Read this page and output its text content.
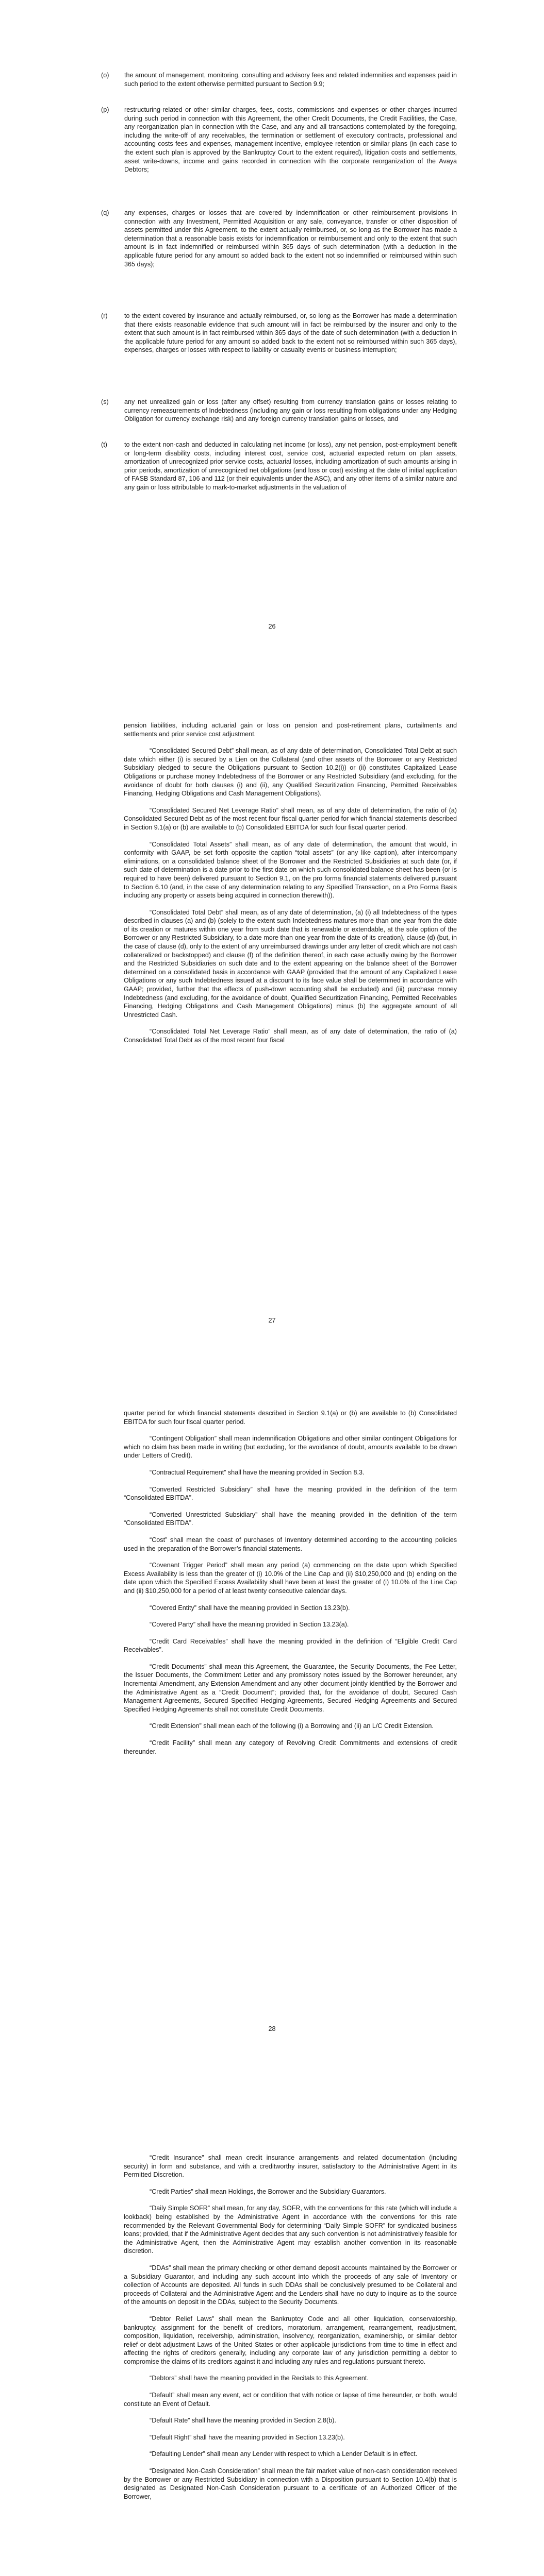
(o) the amount of management, monitoring, consulting and advisory fees and related indemnities and expenses paid in such period to the extent otherwise permitted pursuant to Section 9.9;
(p) restructuring-related or other similar charges, fees, costs, commissions and expenses or other charges incurred during such period in connection with this Agreement, the other Credit Documents, the Credit Facilities, the Case, any reorganization plan in connection with the Case, and any and all transactions contemplated by the foregoing, including the write-off of any receivables, the termination or settlement of executory contracts, professional and accounting costs fees and expenses, management incentive, employee retention or similar plans (in each case to the extent such plan is approved by the Bankruptcy Court to the extent required), litigation costs and settlements, asset write-downs, income and gains recorded in connection with the corporate reorganization of the Avaya Debtors;
(q) any expenses, charges or losses that are covered by indemnification or other reimbursement provisions in connection with any Investment, Permitted Acquisition or any sale, conveyance, transfer or other disposition of assets permitted under this Agreement, to the extent actually reimbursed, or, so long as the Borrower has made a determination that a reasonable basis exists for indemnification or reimbursement and only to the extent that such amount is in fact indemnified or reimbursed within 365 days of such determination (with a deduction in the applicable future period for any amount so added back to the extent not so indemnified or reimbursed within such 365 days);
(r)	to the extent covered by insurance and actually reimbursed, or, so long as the Borrower has made a determination that there exists reasonable evidence that such amount will in fact be reimbursed by the insurer and only to the extent that such amount is in fact reimbursed within 365 days of the date of such determination (with a deduction in the applicable future period for any amount so added back to the extent not so reimbursed within such 365 days), expenses, charges or losses with respect to liability or casualty events or business interruption;
(s) any net unrealized gain or loss (after any offset) resulting from currency translation gains or losses relating to currency remeasurements of Indebtedness (including any gain or loss resulting from obligations under any Hedging Obligation for currency exchange risk) and any foreign currency translation gains or losses, and
(t)	to the extent non-cash and deducted in calculating net income (or loss), any net pension, post-employment benefit or long-term disability costs, including interest cost, service cost, actuarial expected return on plan assets, amortization of unrecognized prior service costs, actuarial losses, including amortization of such amounts arising in prior periods, amortization of unrecognized net obligations (and loss or cost) existing at the date of initial application of FASB Standard 87, 106 and 112 (or their equivalents under the ASC), and any other items of a similar nature and any gain or loss attributable to mark-to-market adjustments in the valuation of
26

pension liabilities, including actuarial gain or loss on pension and post-retirement plans, curtailments and settlements and prior service cost adjustment.

“Consolidated Secured Debt” shall mean, as of any date of determination, Consolidated Total Debt at such date which either (i) is secured by a Lien on the Collateral (and other assets of the Borrower or any Restricted Subsidiary pledged to secure the Obligations pursuant to Section 10.2(i)) or (ii) constitutes Capitalized Lease Obligations or purchase money Indebtedness of the Borrower or any Restricted Subsidiary (and excluding, for the avoidance of doubt for both clauses (i) and (ii), any Qualified Securitization Financing, Permitted Receivables Financing, Hedging Obligations and Cash Management Obligations).

“Consolidated Secured Net Leverage Ratio” shall mean, as of any date of determination, the ratio of (a) Consolidated Secured Debt as of the most recent four fiscal quarter period for which financial statements described in Section 9.1(a) or (b) are available to (b) Consolidated EBITDA for such four fiscal quarter period.

“Consolidated Total Assets” shall mean, as of any date of determination, the amount that would, in conformity with GAAP, be set forth opposite the caption “total assets” (or any like caption), after intercompany eliminations, on a consolidated balance sheet of the Borrower and the Restricted Subsidiaries at such date (or, if such date of determination is a date prior to the first date on which such consolidated balance sheet has been (or is required to have been) delivered pursuant to Section 9.1, on the pro forma financial statements delivered pursuant to Section 6.10 (and, in the case of any determination relating to any Specified Transaction, on a Pro Forma Basis including any property or assets being acquired in connection therewith)).

“Consolidated Total Debt” shall mean, as of any date of determination, (a) (i) all Indebtedness of the types described in clauses (a) and (b) (solely to the extent such Indebtedness matures more than one year from the date of its creation or matures within one year from such date that is renewable or extendable, at the sole option of the Borrower or any Restricted Subsidiary, to a date more than one year from the date of its creation), clause (d) (but, in the case of clause (d), only to the extent of any unreimbursed drawings under any letter of credit which are not cash collateralized or backstopped) and clause (f) of the definition thereof, in each case actually owing by the Borrower and the Restricted Subsidiaries on such date and to the extent appearing on the balance sheet of the Borrower determined on a consolidated basis in accordance with GAAP (provided that the amount of any Capitalized Lease Obligations or any such Indebtedness issued at a discount to its face value shall be determined in accordance with GAAP; provided, further that the effects of push-down accounting shall be excluded) and (iii) purchase money Indebtedness (and excluding, for the avoidance of doubt, Qualified Securitization Financing, Permitted Receivables Financing, Hedging Obligations and Cash Management Obligations) minus (b) the aggregate amount of all Unrestricted Cash.

“Consolidated Total Net Leverage Ratio” shall mean, as of any date of determination, the ratio of (a) Consolidated Total Debt as of the most recent four fiscal

27

quarter period for which financial statements described in Section 9.1(a) or (b) are available to (b) Consolidated EBITDA for such four fiscal quarter period.

“Contingent Obligation” shall mean indemnification Obligations and other similar contingent Obligations for which no claim has been made in writing (but excluding, for the avoidance of doubt, amounts available to be drawn under Letters of Credit).

“Contractual Requirement” shall have the meaning provided in Section 8.3.

“Converted Restricted Subsidiary” shall have the meaning provided in the definition of the term “Consolidated EBITDA”.

“Converted Unrestricted Subsidiary” shall have the meaning provided in the definition of the term “Consolidated EBITDA”.

“Cost” shall mean the coast of purchases of Inventory determined according to the accounting policies used in the preparation of the Borrower’s financial statements.

“Covenant Trigger Period” shall mean any period (a) commencing on the date upon which Specified Excess Availability is less than the greater of (i) 10.0% of the Line Cap and (ii) $10,250,000 and (b) ending on the date upon which the Specified Excess Availability shall have been at least the greater of (i) 10.0% of the Line Cap and (ii) $10,250,000 for a period of at least twenty consecutive calendar days.

“Covered Entity” shall have the meaning provided in Section 13.23(b).

“Covered Party” shall have the meaning provided in Section 13.23(a).

“Credit Card Receivables” shall have the meaning provided in the definition of “Eligible Credit Card Receivables”.

“Credit Documents” shall mean this Agreement, the Guarantee, the Security Documents, the Fee Letter, the Issuer Documents, the Commitment Letter and any promissory notes issued by the Borrower hereunder, any Incremental Amendment, any Extension Amendment and any other document jointly identified by the Borrower and the Administrative Agent as a “Credit Document”; provided that, for the avoidance of doubt, Secured Cash Management Agreements, Secured Specified Hedging Agreements, Secured Hedging Agreements and Secured Specified Hedging Agreements shall not constitute Credit Documents.

“Credit Extension” shall mean each of the following (i) a Borrowing and (ii) an L/C Credit Extension.

“Credit Facility” shall mean any category of Revolving Credit Commitments and extensions of credit thereunder.

28

“Credit Insurance” shall mean credit insurance arrangements and related documentation (including security) in form and substance, and with a creditworthy insurer, satisfactory to the Administrative Agent in its Permitted Discretion.

“Credit Parties” shall mean Holdings, the Borrower and the Subsidiary Guarantors.

“Daily Simple SOFR” shall mean, for any day, SOFR, with the conventions for this rate (which will include a lookback) being established by the Administrative Agent in accordance with the conventions for this rate recommended by the Relevant Governmental Body for determining “Daily Simple SOFR” for syndicated business loans; provided, that if the Administrative Agent decides that any such convention is not administratively feasible for the Administrative Agent, then the Administrative Agent may establish another convention in its reasonable discretion.

“DDAs” shall mean the primary checking or other demand deposit accounts maintained by the Borrower or a Subsidiary Guarantor, and including any such account into which the proceeds of any sale of Inventory or collection of Accounts are deposited. All funds in such DDAs shall be conclusively presumed to be Collateral and proceeds of Collateral and the Administrative Agent and the Lenders shall have no duty to inquire as to the source of the amounts on deposit in the DDAs, subject to the Security Documents.

“Debtor Relief Laws” shall mean the Bankruptcy Code and all other liquidation, conservatorship, bankruptcy, assignment for the benefit of creditors, moratorium, arrangement, rearrangement, readjustment, composition, liquidation, receivership, administration, insolvency, reorganization, examinership, or similar debtor relief or debt adjustment Laws of the United States or other applicable jurisdictions from time to time in effect and affecting the rights of creditors generally, including any corporate law of any jurisdiction permitting a debtor to compromise the claims of its creditors against it and including any rules and regulations pursuant thereto.

“Debtors” shall have the meaning provided in the Recitals to this Agreement.

“Default” shall mean any event, act or condition that with notice or lapse of time hereunder, or both, would constitute an Event of Default.

“Default Rate” shall have the meaning provided in Section 2.8(b).

“Default Right” shall have the meaning provided in Section 13.23(b).

“Defaulting Lender” shall mean any Lender with respect to which a Lender Default is in effect.

“Designated Non-Cash Consideration” shall mean the fair market value of non-cash consideration received by the Borrower or any Restricted Subsidiary in connection with a Disposition pursuant to Section 10.4(b) that is designated as Designated Non-Cash Consideration pursuant to a certificate of an Authorized Officer of the Borrower,
